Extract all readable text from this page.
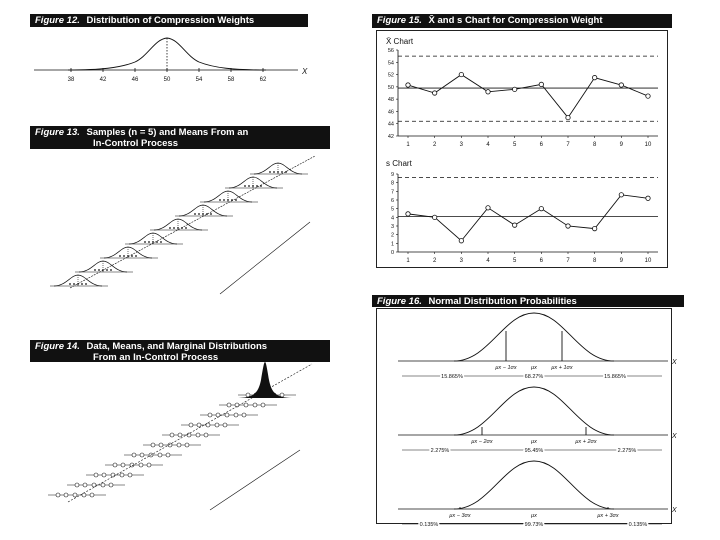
Figure 12. Distribution of Compression Weights
38	42	46	50	54	58	62
X
Figure 13. Samples (n = 5) and Means From an
In-Control Process
Figure 14. Data, Means, and Marginal Distributions
From an In-Control Process
Figure 15. X̄ and s Chart for Compression Weight
X̄ Chart
42
44
46
48
50
52
54
56
1	2	3	4	5	6	7	8	9	10
s Chart
0
1
2
3
4
5
6
7
8
9
1	2	3	4	5	6	7	8	9	10
Figure 16. Normal Distribution Probabilities
X
μx − 1σx	μx	μx + 1σx
15.865%	68.27%	15.865%
X
μx − 2σx	μx	μx + 2σx
2.275%	95.45%	2.275%
X
μx − 3σx	μx	μx + 3σx
0.135%	99.73%	0.135%
